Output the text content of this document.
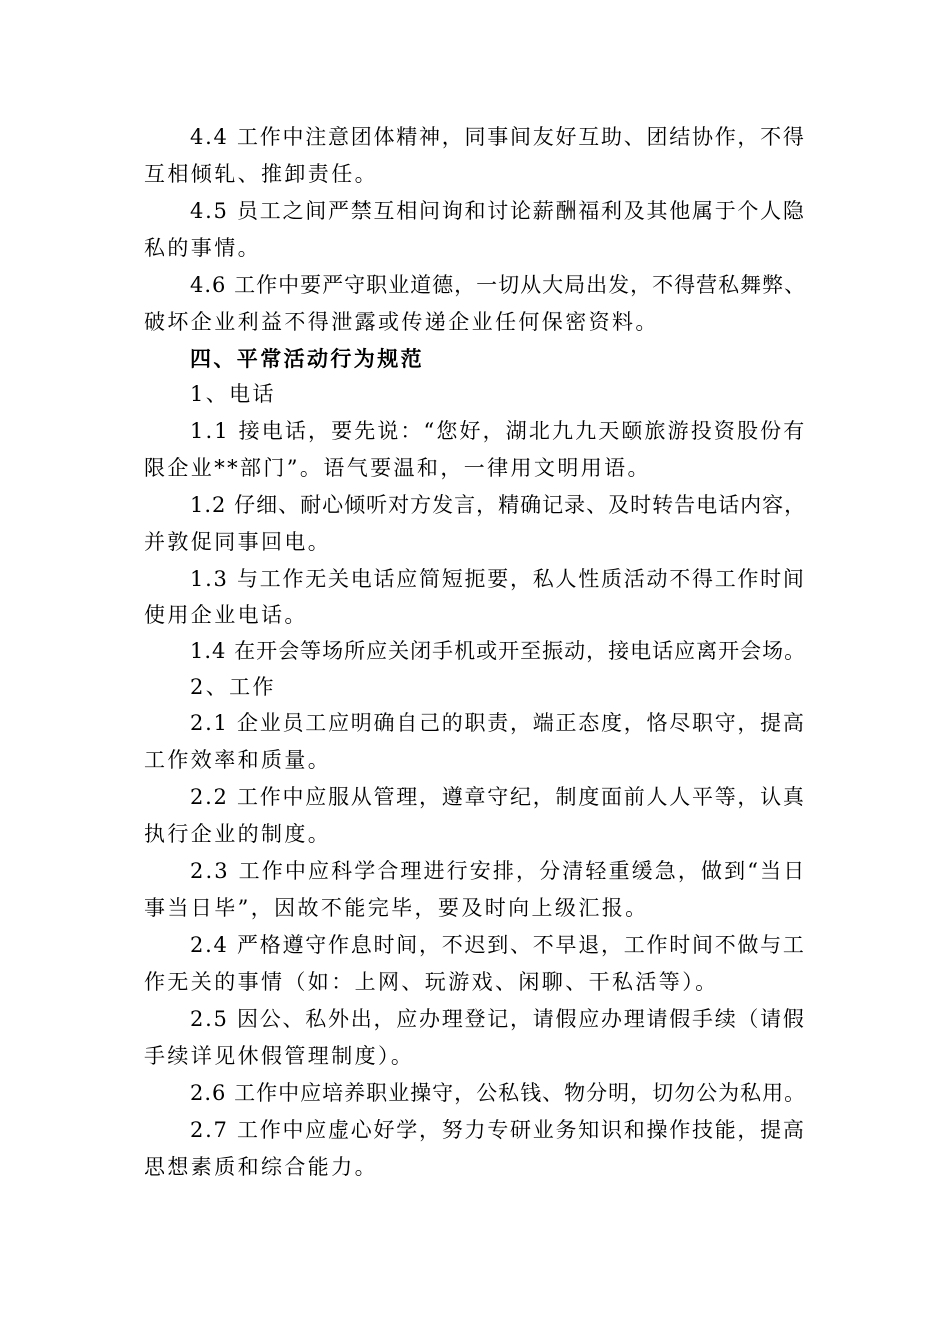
4.4 工作中注意团体精神，同事间友好互助、团结协作，不得
互相倾轧、推卸责任。
4.5 员工之间严禁互相问询和讨论薪酬福利及其他属于个人隐
私的事情。
4.6 工作中要严守职业道德，一切从大局出发，不得营私舞弊、
破坏企业利益不得泄露或传递企业任何保密资料。
四、平常活动行为规范
1、电话
1.1 接电话，要先说：“您好，湖北九九天颐旅游投资股份有
限企业**部门”。语气要温和，一律用文明用语。
1.2 仔细、耐心倾听对方发言，精确记录、及时转告电话内容，
并敦促同事回电。
1.3 与工作无关电话应简短扼要，私人性质活动不得工作时间
使用企业电话。
1.4 在开会等场所应关闭手机或开至振动，接电话应离开会场。
2、工作
2.1 企业员工应明确自己的职责，端正态度，恪尽职守，提高
工作效率和质量。
2.2 工作中应服从管理，遵章守纪，制度面前人人平等，认真
执行企业的制度。
2.3 工作中应科学合理进行安排，分清轻重缓急，做到“当日
事当日毕”，因故不能完毕，要及时向上级汇报。
2.4 严格遵守作息时间，不迟到、不早退，工作时间不做与工
作无关的事情（如：上网、玩游戏、闲聊、干私活等）。
2.5 因公、私外出，应办理登记，请假应办理请假手续（请假
手续详见休假管理制度）。
2.6 工作中应培养职业操守，公私钱、物分明，切勿公为私用。
2.7 工作中应虚心好学，努力专研业务知识和操作技能，提高
思想素质和综合能力。
